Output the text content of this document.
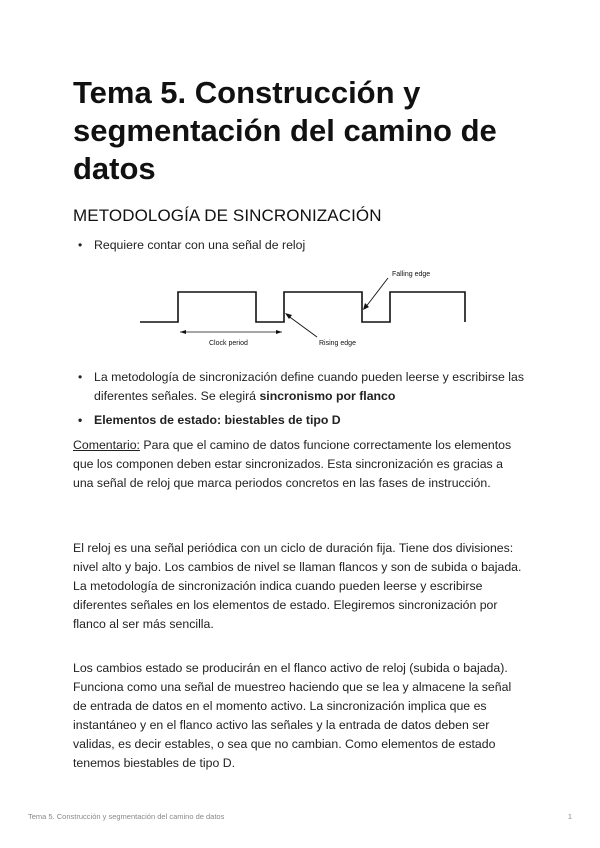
Tema 5. Construcción y segmentación del camino de datos
METODOLOGÍA DE SINCRONIZACIÓN
• Requiere contar con una señal de reloj
Falling edge
Clock period	Rising edge
• La metodología de sincronización define cuando pueden leerse y escribirse las diferentes señales. Se elegirá sincronismo por flanco
• Elementos de estado: biestables de tipo D

Comentario: Para que el camino de datos funcione correctamente los elementos que los componen deben estar sincronizados. Esta sincronización es gracias a una señal de reloj que marca periodos concretos en las fases de instrucción.

El reloj es una señal periódica con un ciclo de duración fija. Tiene dos divisiones: nivel alto y bajo. Los cambios de nivel se llaman flancos y son de subida o bajada. La metodología de sincronización indica cuando pueden leerse y escribirse diferentes señales en los elementos de estado. Elegiremos sincronización por flanco al ser más sencilla.

Los cambios estado se producirán en el flanco activo de reloj (subida o bajada). Funciona como una señal de muestreo haciendo que se lea y almacene la señal de entrada de datos en el momento activo. La sincronización implica que es instantáneo y en el flanco activo las señales y la entrada de datos deben ser validas, es decir estables, o sea que no cambian. Como elementos de estado tenemos biestables de tipo D.

Tema 5. Construcción y segmentación del camino de datos	1
